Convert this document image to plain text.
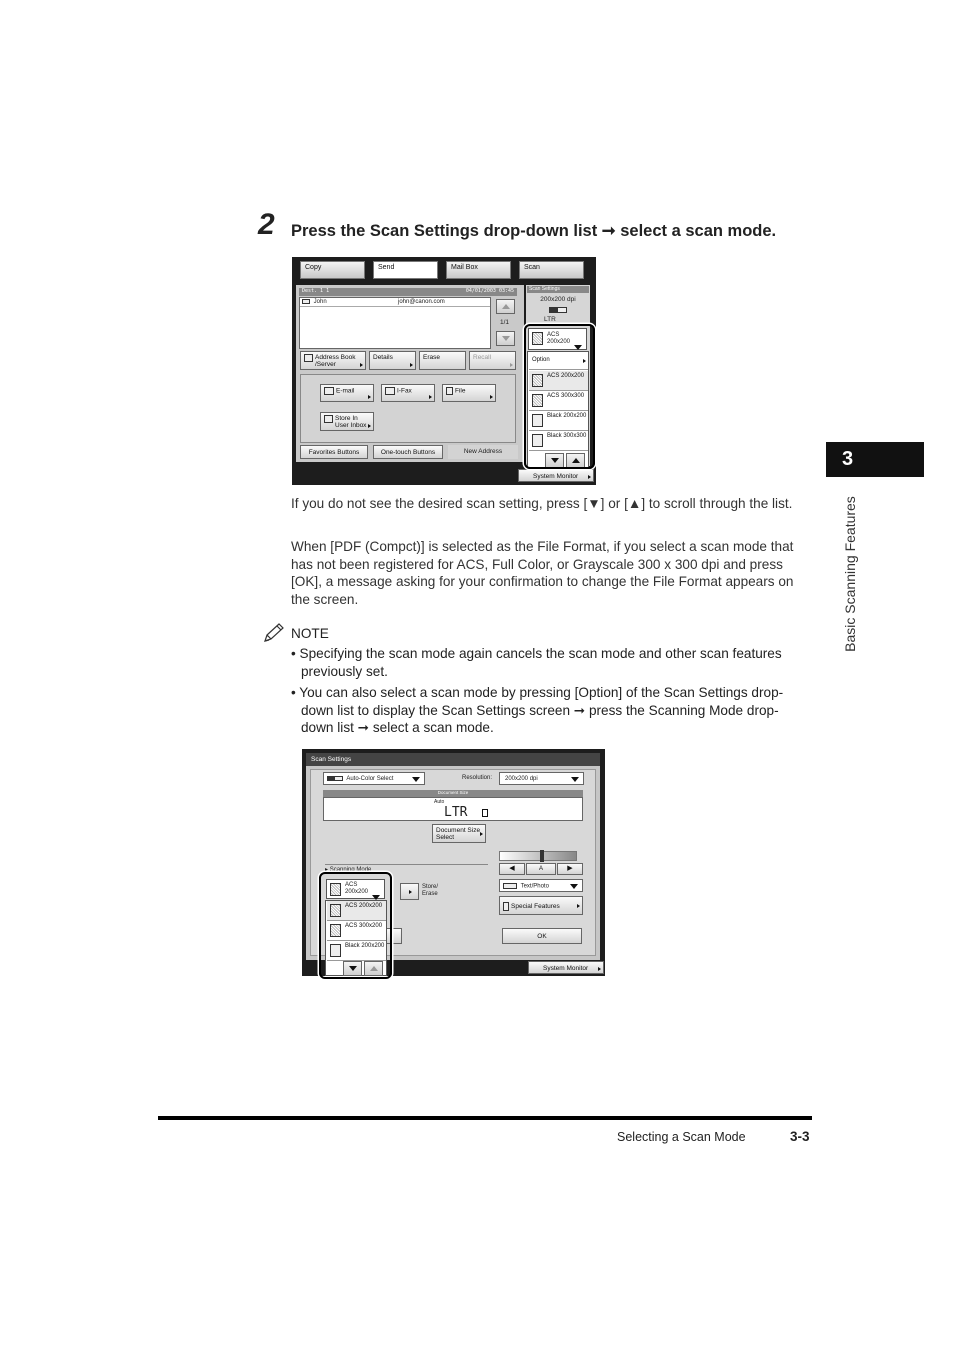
2 Press the Scan Settings drop-down list ➞ select a scan mode.
Copy	Send	Mail Box	Scan
Dest. 1 1	04/01/2003 03:45
John	john@canon.com
1/1
Address Book /Server
Details	Erase	Recall
E-mail	I-Fax	File
Store In User Inbox
Favorites Buttons	One-touch Buttons	New Address
Scan Settings
200x200 dpi
LTR
ACS 200x200
Option
ACS 200x200
ACS 300x300
Black 200x200
Black 300x300
System Monitor
If you do not see the desired scan setting, press [▼] or [▲] to scroll through the list.
When [PDF (Compct)] is selected as the File Format, if you select a scan mode that has not been registered for ACS, Full Color, or Grayscale 300 x 300 dpi and press [OK], a message asking for your confirmation to change the File Format appears on the screen.
NOTE
• Specifying the scan mode again cancels the scan mode and other scan features previously set.
• You can also select a scan mode by pressing [Option] of the Scan Settings drop-down list to display the Scan Settings screen ➞ press the Scanning Mode drop-down list ➞ select a scan mode.
Scan Settings
Auto-Color Select	Resolution:	200x200 dpi
Document Size
Auto
LTR
Document Size Select
▸ Scanning Mode
Store/ Erase
◀	A	▶
Text/Photo
Special Features
OK
ACS 200x200
ACS 200x200
ACS 300x200
Black 200x200
System Monitor
3
Basic Scanning Features
Selecting a Scan Mode	3-3
